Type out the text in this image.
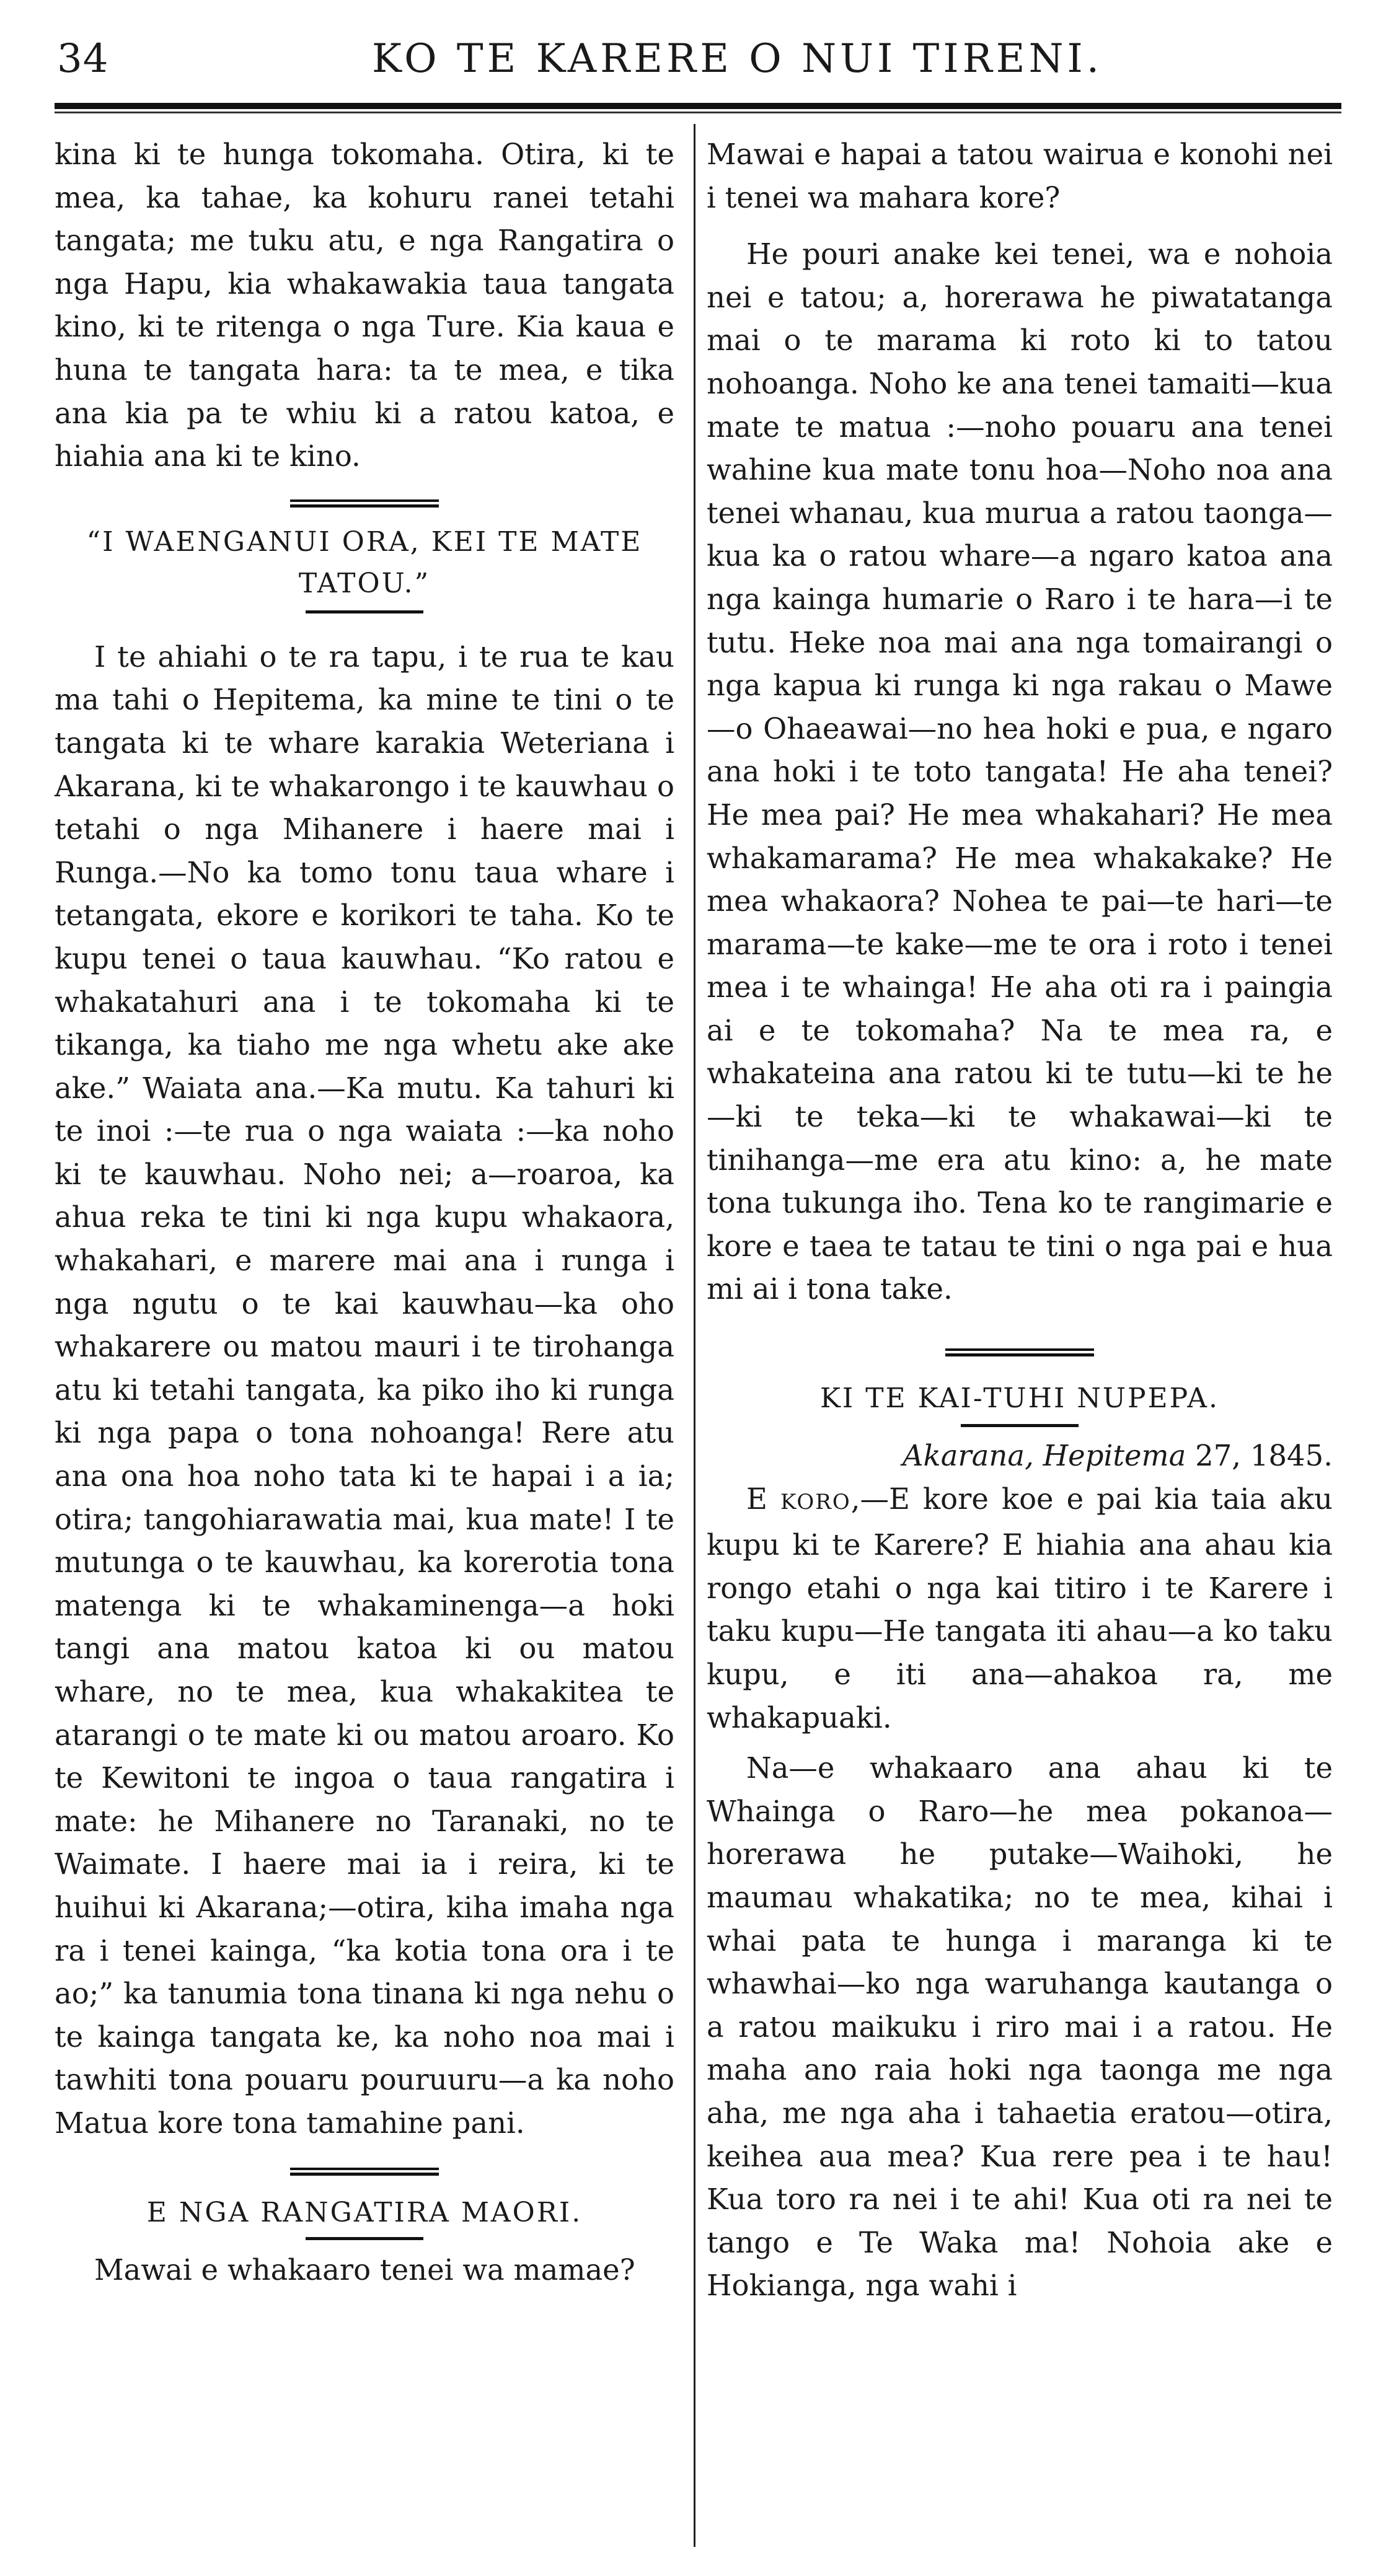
34	KO TE KARERE O NUI TIRENI.

kina ki te hunga tokomaha. Otira, ki te mea, ka tahae, ka kohuru ranei tetahi tangata; me tuku atu, e nga Rangatira o nga Hapu, kia whakawakia taua tangata kino, ki te ritenga o nga Ture. Kia kaua e huna te tangata hara: ta te mea, e tika ana kia pa te whiu ki a ratou katoa, e hiahia ana ki te kino.

“I WAENGANUI ORA, KEI TE MATE TATOU.”

I te ahiahi o te ra tapu, i te rua te kau ma tahi o Hepitema, ka mine te tini o te tangata ki te whare karakia Weteriana i Akarana, ki te whakarongo i te kauwhau o tetahi o nga Mihanere i haere mai i Runga.—No ka tomo tonu taua whare i tetangata, ekore e korikori te taha. Ko te kupu tenei o taua kauwhau. “Ko ratou e whakatahuri ana i te tokomaha ki te tikanga, ka tiaho me nga whetu ake ake ake.” Waiata ana.—Ka mutu. Ka tahuri ki te inoi :—te rua o nga waiata :—ka noho ki te kauwhau. Noho nei; a—roaroa, ka ahua reka te tini ki nga kupu whakaora, whakahari, e marere mai ana i runga i nga ngutu o te kai kauwhau—ka oho whakarere ou matou mauri i te tirohanga atu ki tetahi tangata, ka piko iho ki runga ki nga papa o tona nohoanga! Rere atu ana ona hoa noho tata ki te hapai i a ia; otira; tangohiarawatia mai, kua mate! I te mutunga o te kauwhau, ka korerotia tona matenga ki te whakaminenga—a hoki tangi ana matou katoa ki ou matou whare, no te mea, kua whakakitea te atarangi o te mate ki ou matou aroaro. Ko te Kewitoni te ingoa o taua rangatira i mate: he Mihanere no Taranaki, no te Waimate. I haere mai ia i reira, ki te huihui ki Akarana;—otira, kiha imaha nga ra i tenei kainga, “ka kotia tona ora i te ao;” ka tanumia tona tinana ki nga nehu o te kainga tangata ke, ka noho noa mai i tawhiti tona pouaru pouruuru—a ka noho Matua kore tona tamahine pani.

E NGA RANGATIRA MAORI.

Mawai e whakaaro tenei wa mamae?

Mawai e hapai a tatou wairua e konohi nei i tenei wa mahara kore?

He pouri anake kei tenei, wa e nohoia nei e tatou; a, horerawa he piwatatanga mai o te marama ki roto ki to tatou nohoanga. Noho ke ana tenei tamaiti—kua mate te matua :—noho pouaru ana tenei wahine kua mate tonu hoa—Noho noa ana tenei whanau, kua murua a ratou taonga—kua ka o ratou whare—a ngaro katoa ana nga kainga humarie o Raro i te hara—i te tutu. Heke noa mai ana nga tomairangi o nga kapua ki runga ki nga rakau o Mawe—o Ohaeawai—no hea hoki e pua, e ngaro ana hoki i te toto tangata! He aha tenei? He mea pai? He mea whakahari? He mea whakamarama? He mea whakakake? He mea whakaora? Nohea te pai—te hari—te marama—te kake—me te ora i roto i tenei mea i te whainga! He aha oti ra i paingia ai e te tokomaha? Na te mea ra, e whakateina ana ratou ki te tutu—ki te he—ki te teka—ki te whakawai—ki te tinihanga—me era atu kino: a, he mate tona tukunga iho. Tena ko te rangimarie e kore e taea te tatau te tini o nga pai e hua mi ai i tona take.

KI TE KAI-TUHI NUPEPA.

Akarana, Hepitema 27, 1845.

E KORO,—E kore koe e pai kia taia aku kupu ki te Karere? E hiahia ana ahau kia rongo etahi o nga kai titiro i te Karere i taku kupu—He tangata iti ahau—a ko taku kupu, e iti ana—ahakoa ra, me whakapuaki.

Na—e whakaaro ana ahau ki te Whainga o Raro—he mea pokanoa—horerawa he putake—Waihoki, he maumau whakatika; no te mea, kihai i whai pata te hunga i maranga ki te whawhai—ko nga waruhanga kautanga o a ratou maikuku i riro mai i a ratou. He maha ano raia hoki nga taonga me nga aha, me nga aha i tahaetia eratou—otira, keihea aua mea? Kua rere pea i te hau! Kua toro ra nei i te ahi! Kua oti ra nei te tango e Te Waka ma! Nohoia ake e Hokianga, nga wahi i
